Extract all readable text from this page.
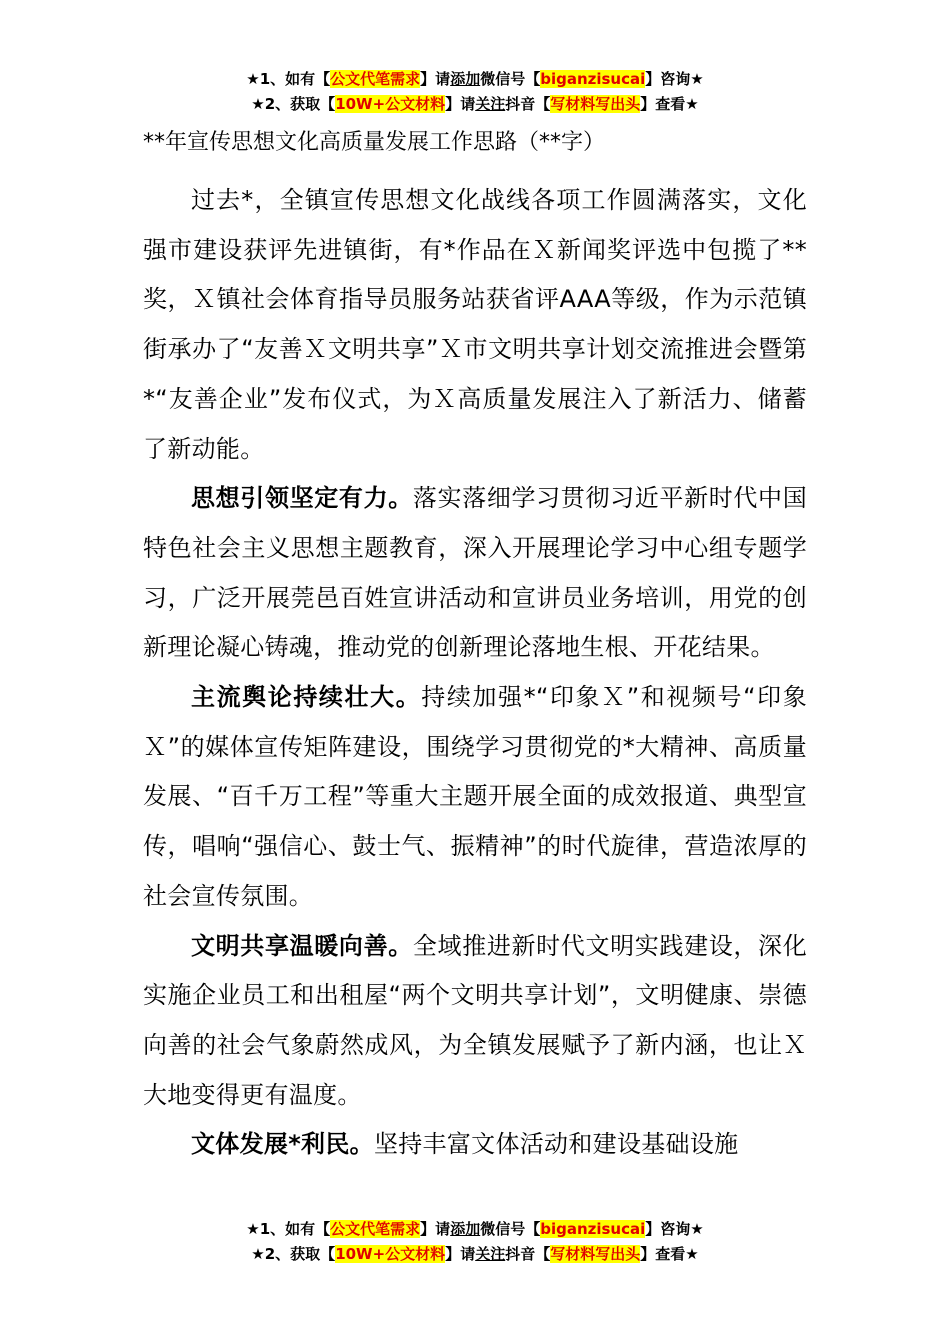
★1、如有【公文代笔需求】请添加微信号【biganzisucai】咨询★
★2、获取【10W+公文材料】请关注抖音【写材料写出头】查看★
**年宣传思想文化高质量发展工作思路（**字）

过去*，全镇宣传思想文化战线各项工作圆满落实，文化强市建设获评先进镇街，有*作品在Ｘ新闻奖评选中包揽了**奖，Ｘ镇社会体育指导员服务站获省评AAA等级，作为示范镇街承办了“友善Ｘ文明共享”Ｘ市文明共享计划交流推进会暨第*“友善企业”发布仪式，为Ｘ高质量发展注入了新活力、储蓄了新动能。

思想引领坚定有力。落实落细学习贯彻习近平新时代中国特色社会主义思想主题教育，深入开展理论学习中心组专题学习，广泛开展莞邑百姓宣讲活动和宣讲员业务培训，用党的创新理论凝心铸魂，推动党的创新理论落地生根、开花结果。

主流舆论持续壮大。持续加强*“印象Ｘ”和视频号“印象Ｘ”的媒体宣传矩阵建设，围绕学习贯彻党的*大精神、高质量发展、“百千万工程”等重大主题开展全面的成效报道、典型宣传，唱响“强信心、鼓士气、振精神”的时代旋律，营造浓厚的社会宣传氛围。

文明共享温暖向善。全域推进新时代文明实践建设，深化实施企业员工和出租屋“两个文明共享计划”，文明健康、崇德向善的社会气象蔚然成风，为全镇发展赋予了新内涵，也让Ｘ大地变得更有温度。

文体发展*利民。坚持丰富文体活动和建设基础设施

★1、如有【公文代笔需求】请添加微信号【biganzisucai】咨询★
★2、获取【10W+公文材料】请关注抖音【写材料写出头】查看★
